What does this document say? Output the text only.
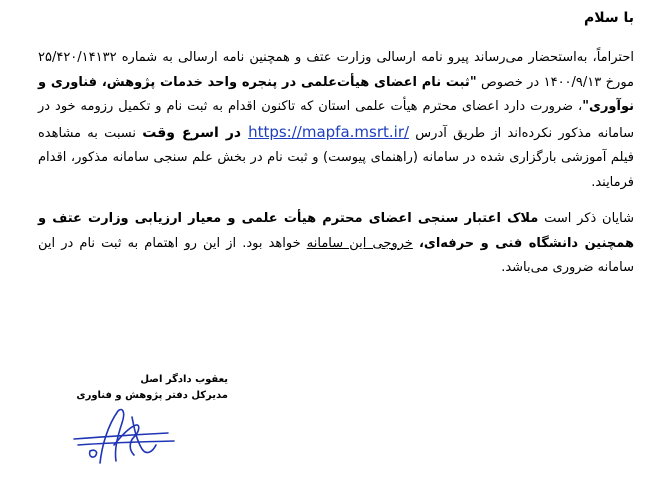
با سلام

احتراماً، به‌استحضار می‌رساند پیرو نامه ارسالی وزارت عتف و همچنین نامه ارسالی به شماره ۲۵/۴۲۰/۱۴۱۳۲ مورخ ۱۴۰۰/۹/۱۳ در خصوص "ثبت نام اعضای هیأت‌علمی در پنجره واحد خدمات پژوهش، فناوری و نوآوری"، ضرورت دارد اعضای محترم هیأت علمی استان که تاکنون اقدام به ثبت نام و تکمیل رزومه خود در سامانه مذکور نکرده‌اند از طریق آدرس https://mapfa.msrt.ir/ در اسرع وقت نسبت به مشاهده فیلم آموزشی بارگزاری شده در سامانه (راهنمای پیوست) و ثبت نام در بخش علم سنجی سامانه مذکور، اقدام فرمایند.

شایان ذکر است ملاک اعتبار سنجی اعضای محترم هیأت علمی و معیار ارزیابی وزارت عتف و همچنین دانشگاه فنی و حرفه‌ای، خروجی این سامانه خواهد بود. از این رو اهتمام به ثبت نام در این سامانه ضروری می‌باشد.

یعقوب دادگر اصل
مدیرکل دفتر پژوهش و فناوری
